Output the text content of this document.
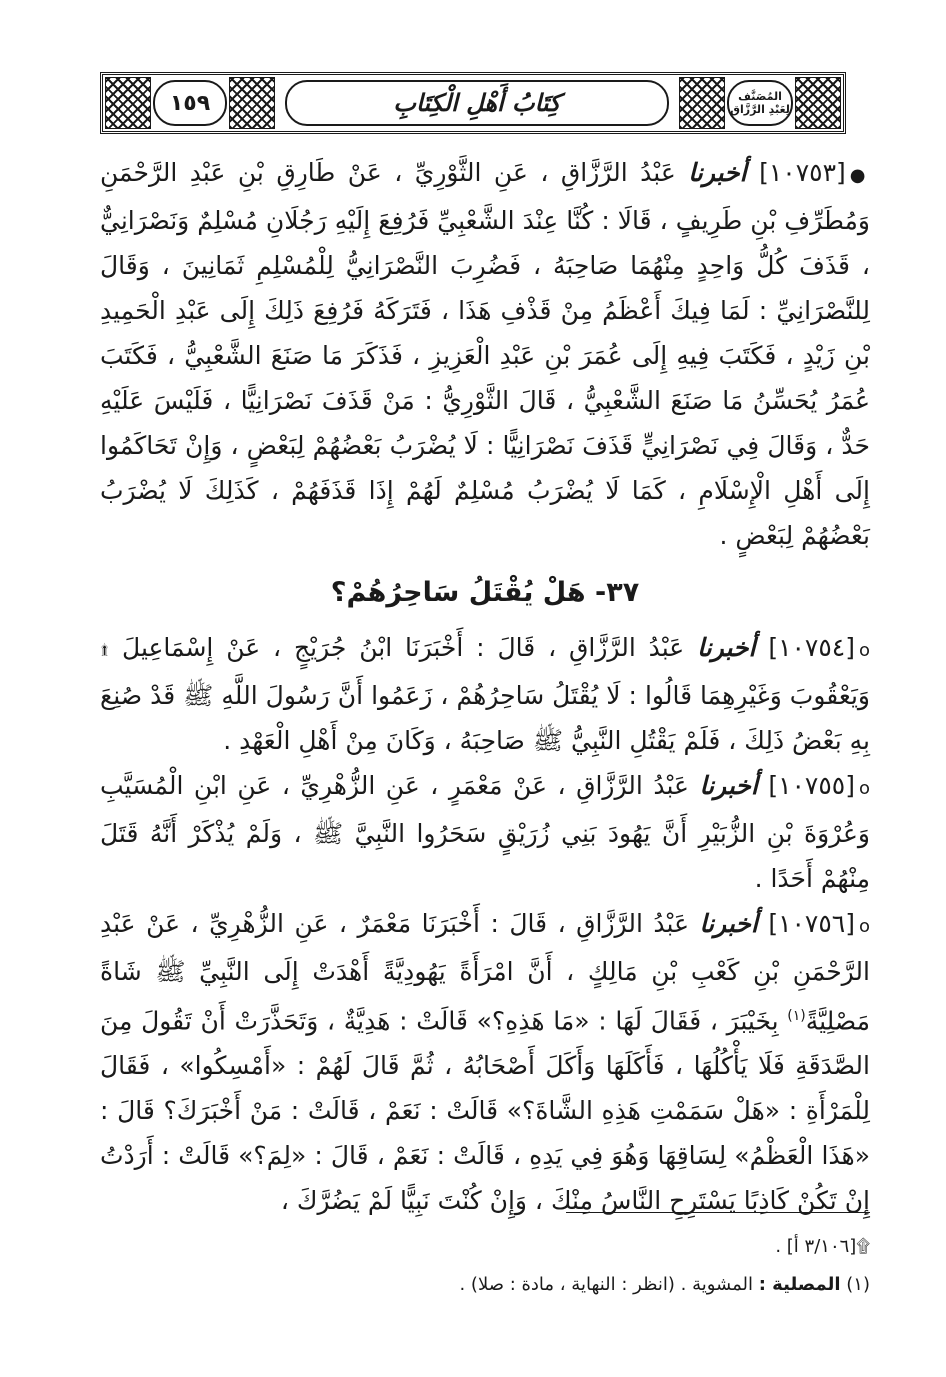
١٥٩	كِتَابُ أَهْلِ الْكِتَابِ	المُصَنَّف
لِعَبْدِ الرَّزَّاق

●[١٠٧٥٣] أخبرنا عَبْدُ الرَّزَّاقِ ، عَنِ الثَّوْرِيِّ ، عَنْ طَارِقِ بْنِ عَبْدِ الرَّحْمَنِ وَمُطَرِّفِ بْنِ طَرِيفٍ ، قَالَا : كُنَّا عِنْدَ الشَّعْبِيِّ فَرُفِعَ إِلَيْهِ رَجُلَانِ مُسْلِمٌ وَنَصْرَانِيٌّ ، قَذَفَ كُلُّ وَاحِدٍ مِنْهُمَا صَاحِبَهُ ، فَضُرِبَ النَّصْرَانِيُّ لِلْمُسْلِمِ ثَمَانِينَ ، وَقَالَ لِلنَّصْرَانِيِّ : لَمَا فِيكَ أَعْظَمُ مِنْ قَذْفِ هَذَا ، فَتَرَكَهُ فَرُفِعَ ذَلِكَ إِلَى عَبْدِ الْحَمِيدِ بْنِ زَيْدٍ ، فَكَتَبَ فِيهِ إِلَى عُمَرَ بْنِ عَبْدِ الْعَزِيزِ ، فَذَكَرَ مَا صَنَعَ الشَّعْبِيُّ ، فَكَتَبَ عُمَرُ يُحَسِّنُ مَا صَنَعَ الشَّعْبِيُّ ، قَالَ الثَّوْرِيُّ : مَنْ قَذَفَ نَصْرَانِيًّا ، فَلَيْسَ عَلَيْهِ حَدٌّ ، وَقَالَ فِي نَصْرَانِيٍّ قَذَفَ نَصْرَانِيًّا : لَا يُضْرَبُ بَعْضُهُمْ لِبَعْضٍ ، وَإِنْ تَحَاكَمُوا إِلَى أَهْلِ الْإِسْلَامِ ، كَمَا لَا يُضْرَبُ مُسْلِمٌ لَهُمْ إِذَا قَذَفَهُمْ ، كَذَلِكَ لَا يُضْرَبُ بَعْضُهُمْ لِبَعْضٍ .

٣٧- هَلْ يُقْتَلُ سَاحِرُهُمْ؟

ο[١٠٧٥٤] أخبرنا عَبْدُ الرَّزَّاقِ ، قَالَ : أَخْبَرَنَا ابْنُ جُرَيْجٍ ، عَنْ إِسْمَاعِيلَ ۩ وَيَعْقُوبَ وَغَيْرِهِمَا قَالُوا : لَا يُقْتَلُ سَاحِرُهُمْ ، زَعَمُوا أَنَّ رَسُولَ اللَّهِ ﷺ قَدْ صُنِعَ بِهِ بَعْضُ ذَلِكَ ، فَلَمْ يَقْتُلِ النَّبِيُّ ﷺ صَاحِبَهُ ، وَكَانَ مِنْ أَهْلِ الْعَهْدِ .

ο[١٠٧٥٥] أخبرنا عَبْدُ الرَّزَّاقِ ، عَنْ مَعْمَرٍ ، عَنِ الزُّهْرِيِّ ، عَنِ ابْنِ الْمُسَيَّبِ وَعُرْوَةَ بْنِ الزُّبَيْرِ أَنَّ يَهُودَ بَنِي زُرَيْقٍ سَحَرُوا النَّبِيَّ ﷺ ، وَلَمْ يُذْكَرْ أَنَّهُ قَتَلَ مِنْهُمْ أَحَدًا .

ο[١٠٧٥٦] أخبرنا عَبْدُ الرَّزَّاقِ ، قَالَ : أَخْبَرَنَا مَعْمَرٌ ، عَنِ الزُّهْرِيِّ ، عَنْ عَبْدِ الرَّحْمَنِ بْنِ كَعْبِ بْنِ مَالِكٍ ، أَنَّ امْرَأَةً يَهُودِيَّةً أَهْدَتْ إِلَى النَّبِيِّ ﷺ شَاةً مَصْلِيَّةً$^{(١)}$ بِخَيْبَرَ ، فَقَالَ لَهَا : «مَا هَذِهِ؟» قَالَتْ : هَدِيَّةٌ ، وَتَحَذَّرَتْ أَنْ تَقُولَ مِنَ الصَّدَقَةِ فَلَا يَأْكُلُهَا ، فَأَكَلَهَا وَأَكَلَ أَصْحَابُهُ ، ثُمَّ قَالَ لَهُمْ : «أَمْسِكُوا» ، فَقَالَ لِلْمَرْأَةِ : «هَلْ سَمَمْتِ هَذِهِ الشَّاةَ؟» قَالَتْ : نَعَمْ ، قَالَتْ : مَنْ أَخْبَرَكَ؟ قَالَ : «هَذَا الْعَظْمُ» لِسَاقِهَا وَهُوَ فِي يَدِهِ ، قَالَتْ : نَعَمْ ، قَالَ : «لِمَ؟» قَالَتْ : أَرَدْتُ إِنْ تَكُنْ كَاذِبًا يَسْتَرِحِ النَّاسُ مِنْكَ ، وَإِنْ كُنْتَ نَبِيًّا لَمْ يَضُرَّكَ ،

۩[٣/١٠٦ أ] .

(١) المصلية : المشوية . (انظر : النهاية ، مادة : صلا) .
